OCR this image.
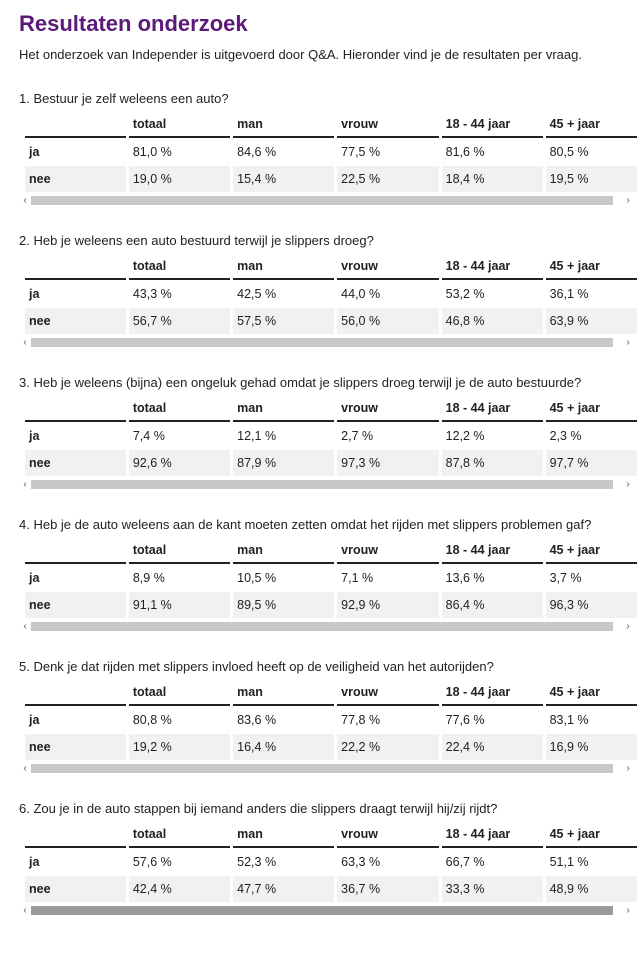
Resultaten onderzoek
Het onderzoek van Independer is uitgevoerd door Q&A. Hieronder vind je de resultaten per vraag.
1. Bestuur je zelf weleens een auto?
	totaal	man	vrouw	18 - 44 jaar	45 + jaar
ja	81,0 %	84,6 %	77,5 %	81,6 %	80,5 %
nee	19,0 %	15,4 %	22,5 %	18,4 %	19,5 %
‹	›
2. Heb je weleens een auto bestuurd terwijl je slippers droeg?
	totaal	man	vrouw	18 - 44 jaar	45 + jaar
ja	43,3 %	42,5 %	44,0 %	53,2 %	36,1 %
nee	56,7 %	57,5 %	56,0 %	46,8 %	63,9 %
‹	›
3. Heb je weleens (bijna) een ongeluk gehad omdat je slippers droeg terwijl je de auto bestuurde?
	totaal	man	vrouw	18 - 44 jaar	45 + jaar
ja	7,4 %	12,1 %	2,7 %	12,2 %	2,3 %
nee	92,6 %	87,9 %	97,3 %	87,8 %	97,7 %
‹	›
4. Heb je de auto weleens aan de kant moeten zetten omdat het rijden met slippers problemen gaf?
	totaal	man	vrouw	18 - 44 jaar	45 + jaar
ja	8,9 %	10,5 %	7,1 %	13,6 %	3,7 %
nee	91,1 %	89,5 %	92,9 %	86,4 %	96,3 %
‹	›
5. Denk je dat rijden met slippers invloed heeft op de veiligheid van het autorijden?
	totaal	man	vrouw	18 - 44 jaar	45 + jaar
ja	80,8 %	83,6 %	77,8 %	77,6 %	83,1 %
nee	19,2 %	16,4 %	22,2 %	22,4 %	16,9 %
‹	›
6. Zou je in de auto stappen bij iemand anders die slippers draagt terwijl hij/zij rijdt?
	totaal	man	vrouw	18 - 44 jaar	45 + jaar
ja	57,6 %	52,3 %	63,3 %	66,7 %	51,1 %
nee	42,4 %	47,7 %	36,7 %	33,3 %	48,9 %
‹	›
